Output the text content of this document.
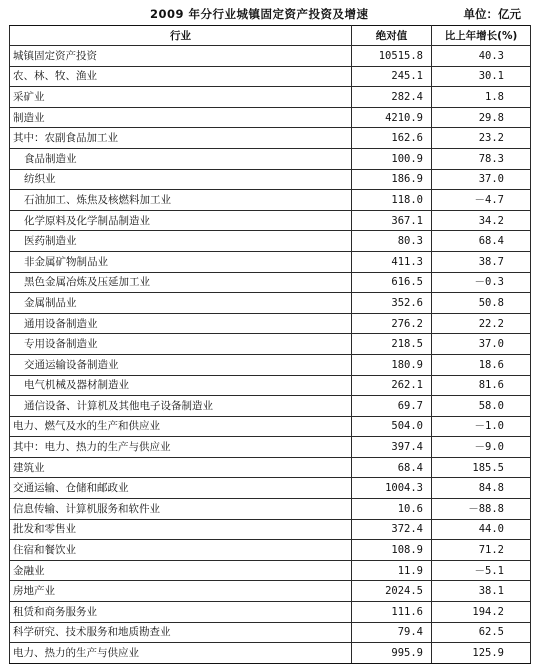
2009 年分行业城镇固定资产投资及增速	单位：亿元
行业	绝对值	比上年增长(%)
城镇固定资产投资	10515.8	40.3
农、林、牧、渔业	245.1	30.1
采矿业	282.4	1.8
制造业	4210.9	29.8
其中：农副食品加工业	162.6	23.2
食品制造业	100.9	78.3
纺织业	186.9	37.0
石油加工、炼焦及核燃料加工业	118.0	－4.7
化学原料及化学制品制造业	367.1	34.2
医药制造业	80.3	68.4
非金属矿物制品业	411.3	38.7
黑色金属冶炼及压延加工业	616.5	－0.3
金属制品业	352.6	50.8
通用设备制造业	276.2	22.2
专用设备制造业	218.5	37.0
交通运输设备制造业	180.9	18.6
电气机械及器材制造业	262.1	81.6
通信设备、计算机及其他电子设备制造业	69.7	58.0
电力、燃气及水的生产和供应业	504.0	－1.0
其中：电力、热力的生产与供应业	397.4	－9.0
建筑业	68.4	185.5
交通运输、仓储和邮政业	1004.3	84.8
信息传输、计算机服务和软件业	10.6	－88.8
批发和零售业	372.4	44.0
住宿和餐饮业	108.9	71.2
金融业	11.9	－5.1
房地产业	2024.5	38.1
租赁和商务服务业	111.6	194.2
科学研究、技术服务和地质勘查业	79.4	62.5
电力、热力的生产与供应业	995.9	125.9
